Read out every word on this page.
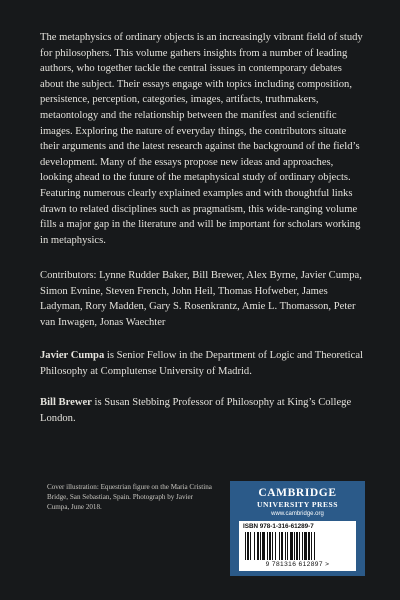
The metaphysics of ordinary objects is an increasingly vibrant field of study for philosophers. This volume gathers insights from a number of leading authors, who together tackle the central issues in contemporary debates about the subject. Their essays engage with topics including composition, persistence, perception, categories, images, artifacts, truthmakers, metaontology and the relationship between the manifest and scientific images. Exploring the nature of everyday things, the contributors situate their arguments and the latest research against the background of the field’s development. Many of the essays propose new ideas and approaches, looking ahead to the future of the metaphysical study of ordinary objects. Featuring numerous clearly explained examples and with thoughtful links drawn to related disciplines such as pragmatism, this wide-ranging volume fills a major gap in the literature and will be important for scholars working in metaphysics.

Contributors: Lynne Rudder Baker, Bill Brewer, Alex Byrne, Javier Cumpa, Simon Evnine, Steven French, John Heil, Thomas Hofweber, James Ladyman, Rory Madden, Gary S. Rosenkrantz, Amie L. Thomasson, Peter van Inwagen, Jonas Waechter

Javier Cumpa is Senior Fellow in the Department of Logic and Theoretical Philosophy at Complutense University of Madrid.

Bill Brewer is Susan Stebbing Professor of Philosophy at King’s College London.

Cover illustration: Equestrian figure on the Maria Cristina Bridge, San Sebastian, Spain. Photograph by Javier Cumpa, June 2018.
CAMBRIDGE
UNIVERSITY PRESS
www.cambridge.org
ISBN 978-1-316-61289-7
9 781316 612897 >
